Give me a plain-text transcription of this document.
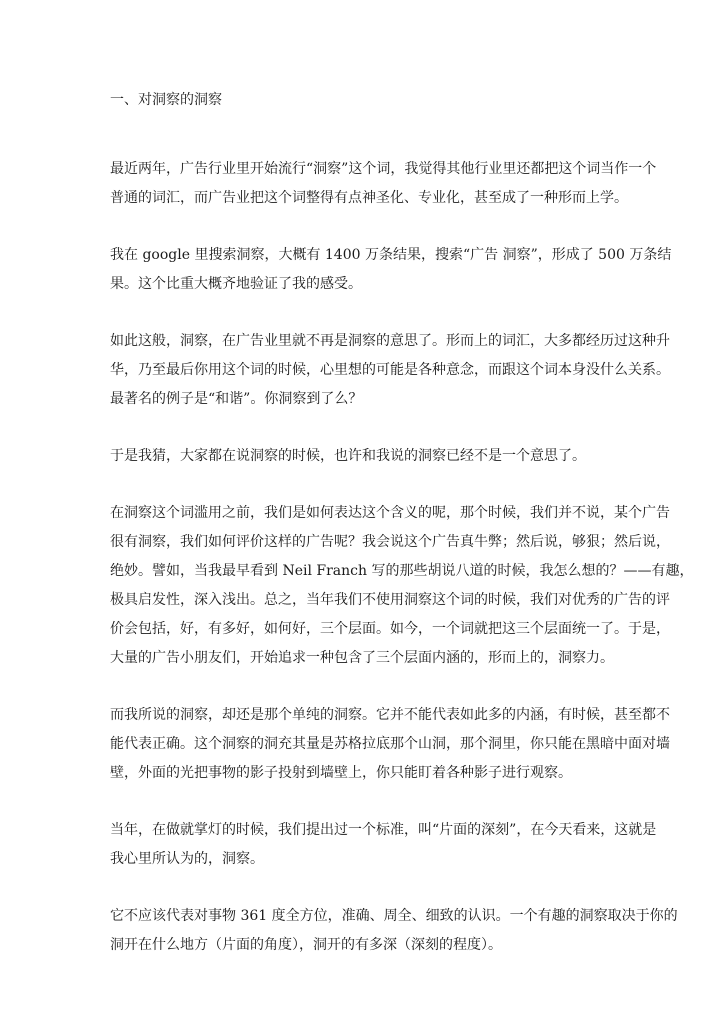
一、对洞察的洞察
最近两年，广告行业里开始流行“洞察”这个词，我觉得其他行业里还都把这个词当作一个
普通的词汇，而广告业把这个词整得有点神圣化、专业化，甚至成了一种形而上学。
我在 google 里搜索洞察，大概有 1400 万条结果，搜索“广告 洞察”，形成了 500 万条结
果。这个比重大概齐地验证了我的感受。
如此这般，洞察，在广告业里就不再是洞察的意思了。形而上的词汇，大多都经历过这种升
华，乃至最后你用这个词的时候，心里想的可能是各种意念，而跟这个词本身没什么关系。
最著名的例子是“和谐”。你洞察到了么？
于是我猜，大家都在说洞察的时候，也许和我说的洞察已经不是一个意思了。
在洞察这个词滥用之前，我们是如何表达这个含义的呢，那个时候，我们并不说，某个广告
很有洞察，我们如何评价这样的广告呢？我会说这个广告真牛弊；然后说，够狠；然后说，
绝妙。譬如，当我最早看到 Neil Franch 写的那些胡说八道的时候，我怎么想的？——有趣，
极具启发性，深入浅出。总之，当年我们不使用洞察这个词的时候，我们对优秀的广告的评
价会包括，好，有多好，如何好，三个层面。如今，一个词就把这三个层面统一了。于是，
大量的广告小朋友们，开始追求一种包含了三个层面内涵的，形而上的，洞察力。
而我所说的洞察，却还是那个单纯的洞察。它并不能代表如此多的内涵，有时候，甚至都不
能代表正确。这个洞察的洞充其量是苏格拉底那个山洞，那个洞里，你只能在黑暗中面对墙
壁，外面的光把事物的影子投射到墙壁上，你只能盯着各种影子进行观察。
当年，在做就掌灯的时候，我们提出过一个标准，叫“片面的深刻”，在今天看来，这就是
我心里所认为的，洞察。
它不应该代表对事物 361 度全方位，准确、周全、细致的认识。一个有趣的洞察取决于你的
洞开在什么地方（片面的角度），洞开的有多深（深刻的程度）。
